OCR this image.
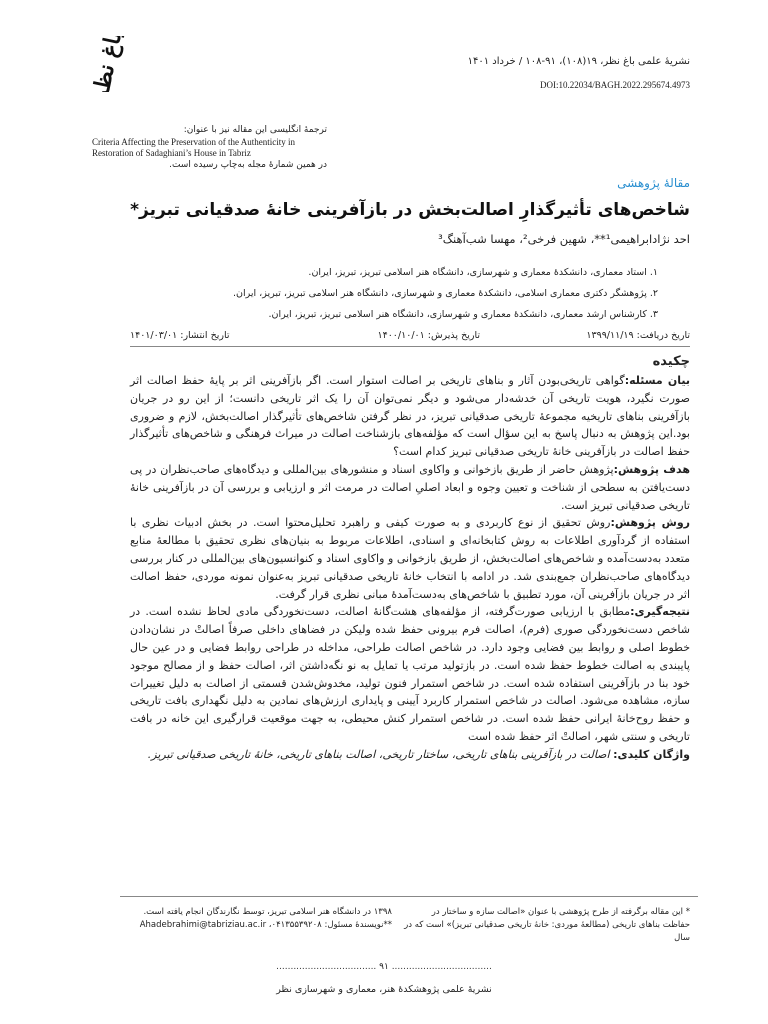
باغ نظر	نشریهٔ علمی باغ نظر، ۱۹(۱۰۸)، ۹۱-۱۰۸ / خرداد ۱۴۰۱
DOI:10.22034/BAGH.2022.295674.4973
ترجمهٔ انگلیسی این مقاله نیز با عنوان:
Criteria Affecting the Preservation of the Authenticity in Restoration of Sadaghiani’s House in Tabriz
در همین شمارهٔ مجله به‌چاپ رسیده است.
مقالهٔ پژوهشی
شاخص‌های تأثیرگذارِ اصالت‌بخش در بازآفرینی خانهٔ صدقیانی تبریز*
احد نژادابراهیمی¹**، شهین فرخی²، مهسا شب‌آهنگ³
۱. استاد معماری، دانشکدهٔ معماری و شهرسازی، دانشگاه هنر اسلامی تبریز، تبریز، ایران.
۲. پژوهشگر دکتری معماری اسلامی، دانشکدهٔ معماری و شهرسازی، دانشگاه هنر اسلامی تبریز، تبریز، ایران.
۳. کارشناس ارشد معماری، دانشکدهٔ معماری و شهرسازی، دانشگاه هنر اسلامی تبریز، تبریز، ایران.
تاریخ دریافت: ۱۳۹۹/۱۱/۱۹
تاریخ پذیرش: ۱۴۰۰/۱۰/۰۱
تاریخ انتشار: ۱۴۰۱/۰۳/۰۱
چکیده

بیان مسئله:گواهی تاریخی‌بودن آثار و بناهای تاریخی بر اصالت استوار است. اگر بازآفرینی اثر بر پایهٔ حفظ اصالت اثر صورت نگیرد، هویت تاریخی آن خدشه‌دار می‌شود و دیگر نمی‌توان آن را یک اثر تاریخی دانست؛ از این رو در جریان بازآفرینی بناهای تاریخیه مجموعهٔ تاریخی صدقیانی تبریز، در نظر گرفتن شاخص‌های تأثیرگذار اصالت‌بخش، لازم و ضروری بود.این پژوهش به دنبال پاسخ به این سؤال است که مؤلفه‌های بازشناخت اصالت در میراث فرهنگی و شاخص‌های تأثیرگذار حفظ اصالت در بازآفرینی خانهٔ تاریخی صدقیانی تبریز کدام است؟

هدف پژوهش:پژوهش حاضر از طریق بازخوانی و واکاوی اسناد و منشورهای بین‌المللی و دیدگاه‌های صاحب‌نظران در پی دست‌یافتن به سطحی از شناخت و تعیین وجوه و ابعاد اصلیِ اصالت در مرمت اثر و ارزیابی و بررسی آن در بازآفرینی خانهٔ تاریخی صدقیانی تبریز است.

روش پژوهش:روش تحقیق از نوع کاربردی و به صورت کیفی و راهبرد تحلیل‌محتوا است. در بخش ادبیات نظری با استفاده از گردآوری اطلاعات به روش کتابخانه‌ای و اسنادی، اطلاعات مربوط به بنیان‌های نظری تحقیق با مطالعهٔ منابع متعدد به‌دست‌آمده و شاخص‌های اصالت‌بخش، از طریق بازخوانی و واکاوی اسناد و کنوانسیون‌های بین‌المللی در کنار بررسی دیدگاه‌های صاحب‌نظران جمع‌بندی شد. در ادامه با انتخاب خانهٔ تاریخی صدقیانی تبریز به‌عنوان نمونه موردی، حفظ اصالت اثر در جریان بازآفرینی آن، مورد تطبیق با شاخص‌های به‌دست‌آمدهٔ مبانی نظری قرار گرفت.

نتیجه‌گیری:مطابق با ارزیابی صورت‌گرفته، از مؤلفه‌های هشت‌گانهٔ اصالت، دست‌نخوردگی مادی لحاظ نشده است. در شاخص دست‌نخوردگی صوری (فرم)، اصالت فرم بیرونی حفظ شده ولیکن در فضاهای داخلی صرفاً اصالتْ در نشان‌دادن خطوط اصلی و روابط بین فضایی وجود دارد. در شاخص اصالت طراحی، مداخله در طراحی روابط فضایی و در عین حال پایبندی به اصالت خطوط حفظ شده است. در بازتولید مرتب یا تمایل به نو نگه‌داشتن اثر، اصالت حفظ و از مصالح موجود خود بنا در بازآفرینی استفاده شده است. در شاخص استمرار فنون تولید، مخدوش‌شدن قسمتی از اصالت به دلیل تغییرات سازه، مشاهده می‌شود. اصالت در شاخص استمرار کاربرد آیینی و پایداری ارزش‌های نمادین به دلیل نگهداری بافت تاریخی و حفظ روح‌خانهٔ ایرانی حفظ شده است. در شاخص استمرار کنش محیطی، به جهت موقعیت قرارگیری این خانه در بافت تاریخی و سنتی شهر، اصالتْ اثر حفظ شده است

واژگان کلیدی: اصالت در بازآفرینی بناهای تاریخی، ساختار تاریخی، اصالت بناهای تاریخی، خانهٔ تاریخی صدقیانی تبریز.

* این مقاله برگرفته از طرح پژوهشی با عنوان «اصالت سازه و ساختار در حفاظت بناهای تاریخی (مطالعهٔ موردی: خانهٔ تاریخی صدقیانی تبریز)» است که در سال
۱۳۹۸ در دانشگاه هنر اسلامی تبریز، توسط نگارندگان انجام یافته است.
**نویسندهٔ مسئول: ۰۴۱۳۵۵۳۹۲۰۸، Ahadebrahimi@tabriziau.ac.ir
................................... ۹۱ ...................................
نشریهٔ علمی پژوهشکدهٔ هنر، معماری و شهرسازی نظر
